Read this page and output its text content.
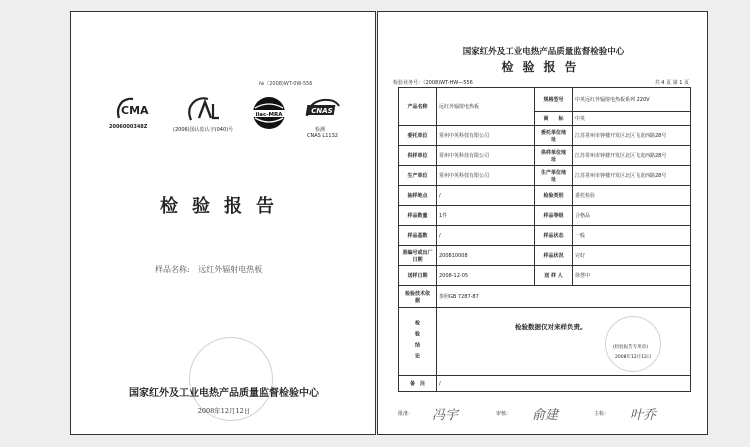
№（2008)WT-0W-556
CMA
2006000348Z	(2006)国认监认字(040)号
ilac-MRA	CNAS
检测
CNAS L1132
检验报告
样品名称: 远红外辐射电热板
国家红外及工业电热产品质量监督检验中心
2008年12月12日
国家红外及工业电热产品质量监督检验中心
检验报告
检验业务号：（2008)WT-HW—556	共 4 页 第 1 页
产品名称	远红外辐射电热板	规格型号	中英远红外辐射电热板系列 220V
		商　　标	中英
委托单位	常州中英科技有限公司	委托单位地　址	江苏常州市钟楼开发区北区飞龙西路28号
供样单位	常州中英科技有限公司	供样单位地　址	江苏常州市钟楼开发区北区飞龙西路28号
生产单位	常州中英科技有限公司	生产单位地　址	江苏常州市钟楼开发区北区飞龙西路28号
抽样地点	/	检验类别	委托检验
样品数量	1件	样品等级	合格品
样品基数	/	样品状态	一般
原编号或出厂日期	200810008	样品状况	完好
送样日期	2008-12-05	送 样 人	徐慧中
检验技术依　据	参照GB 7287-87		
检验结论	检验数据仅对来样负责。
(检验报告专用章)
2008年12月12日		

备　注	/		
批准： 冯宇	审核： 俞建	主检： 叶乔
